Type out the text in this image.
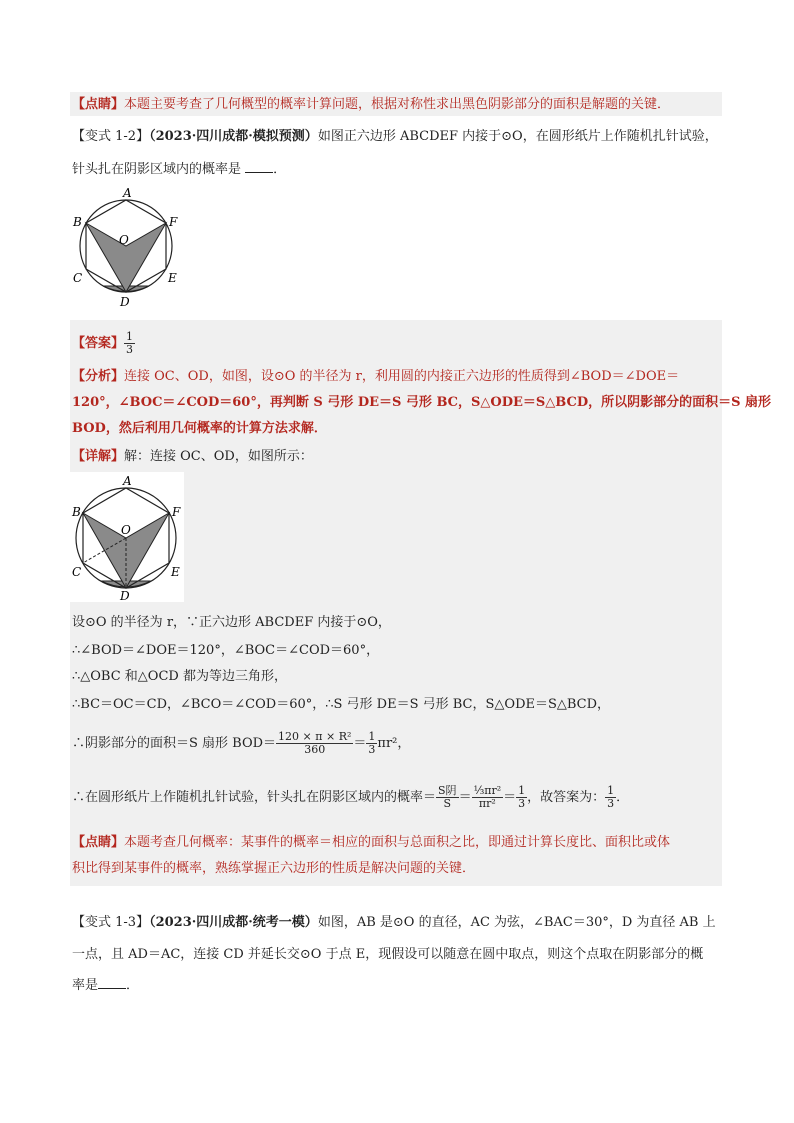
【点睛】本题主要考查了几何概型的概率计算问题，根据对称性求出黑色阴影部分的面积是解题的关键．
【变式 1-2】（2023·四川成都·模拟预测）如图正六边形 ABCDEF 内接于⊙O，在圆形纸片上作随机扎针试验，
针头扎在阴影区域内的概率是 ．
A
B	F
O
C	E
D
【答案】 $\frac{1}{3}$
【分析】连接 OC、OD，如图，设⊙O 的半径为 r，利用圆的内接正六边形的性质得到∠BOD＝∠DOE＝
120°，∠BOC＝∠COD＝60°，再判断 S 弓形 DE＝S 弓形 BC，S△ODE＝S△BCD，所以阴影部分的面积＝S 扇形
BOD，然后利用几何概率的计算方法求解．
【详解】解：连接 OC、OD，如图所示：
A
B	F
O
C	E
D
设⊙O 的半径为 r，∵正六边形 ABCDEF 内接于⊙O，
∴∠BOD＝∠DOE＝120°，∠BOC＝∠COD＝60°，
∴△OBC 和△OCD 都为等边三角形，
∴BC＝OC＝CD，∠BCO＝∠COD＝60°，∴S 弓形 DE＝S 弓形 BC，S△ODE＝S△BCD，
∴阴影部分的面积＝S 扇形 $BOD= \frac{\text{120 × π × R²}}{360} = \frac{1}{3} \pi r^2$，
∴在圆形纸片上作随机扎针试验，针头扎在阴影区域内的概率＝ $\frac{\text{S阴}}{S} = \frac{\text{⅓πr²}}{\text{πr²}} = \frac{1}{3}$ ，故答案为： $\frac{1}{3}$ ．
【点睛】本题考查几何概率：某事件的概率＝相应的面积与总面积之比，即通过计算长度比、面积比或体
积比得到某事件的概率，熟练掌握正六边形的性质是解决问题的关键．
【变式 1-3】（2023·四川成都·统考一模）如图，AB 是⊙O 的直径，AC 为弦，∠BAC＝30°，D 为直径 AB 上
一点，且 AD＝AC，连接 CD 并延长交⊙O 于点 E，现假设可以随意在圆中取点，则这个点取在阴影部分的概
率是 ．
